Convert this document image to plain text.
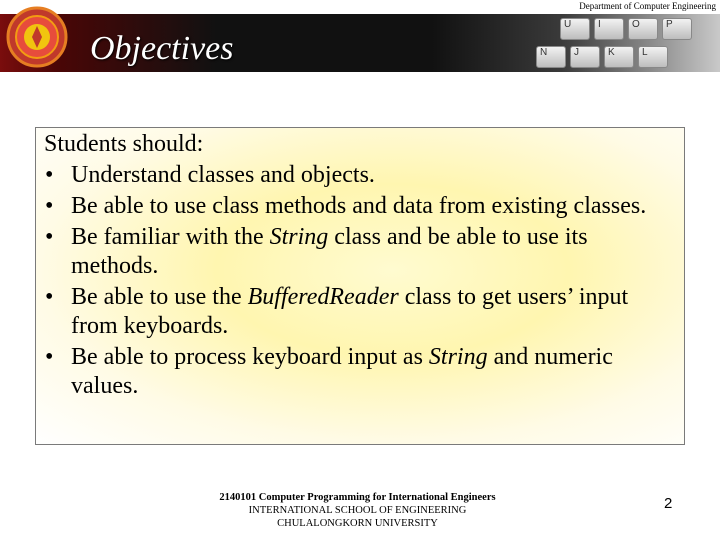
Department of Computer Engineering
Objectives
U	I	O	P
J	K	L
N
Students should:
• Understand classes and objects.
• Be able to use class methods and data from existing classes.
• Be familiar with the String class and be able to use its methods.
• Be able to use the BufferedReader class to get users’ input from keyboards.
• Be able to process keyboard input as String and numeric values.
2140101 Computer Programming for International Engineers
INTERNATIONAL SCHOOL OF ENGINEERING
CHULALONGKORN UNIVERSITY
2
